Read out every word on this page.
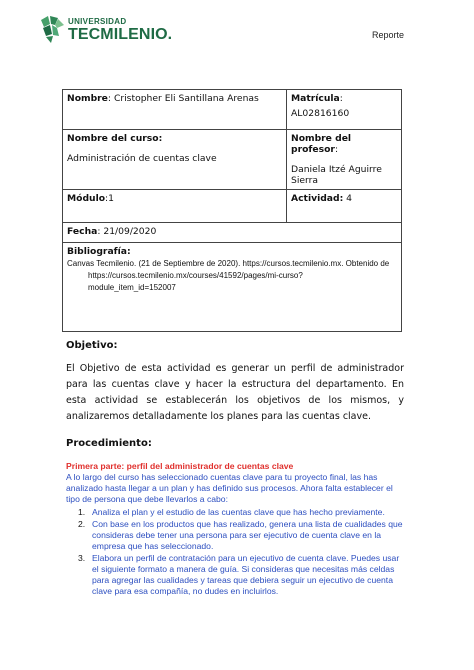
UNIVERSIDAD
TECMILENIO.	Reporte
Nombre: Cristopher Eli Santillana Arenas	Matrícula:
AL02816160
Nombre del curso:
Administración de cuentas clave	Nombre del profesor:
Daniela Itzé Aguirre Sierra
Módulo:1	Actividad: 4
Fecha: 21/09/2020	

Bibliografía:
Canvas Tecmilenio. (21 de Septiembre de 2020). https://cursos.tecmilenio.mx. Obtenido de
https://cursos.tecmilenio.mx/courses/41592/pages/mi-curso?
module_item_id=152007	
Objetivo:

El Objetivo de esta actividad es generar un perfil de administrador para las cuentas clave y hacer la estructura del departamento. En esta actividad se establecerán los objetivos de los mismos, y analizaremos detalladamente los planes para las cuentas clave.

Procedimiento:
Primera parte: perfil del administrador de cuentas clave
A lo largo del curso has seleccionado cuentas clave para tu proyecto final, las has analizado hasta llegar a un plan y has definido sus procesos. Ahora falta establecer el tipo de persona que debe llevarlos a cabo:
1. Analiza el plan y el estudio de las cuentas clave que has hecho previamente.
2. Con base en los productos que has realizado, genera una lista de cualidades que consideras debe tener una persona para ser ejecutivo de cuenta clave en la empresa que has seleccionado.
3. Elabora un perfil de contratación para un ejecutivo de cuenta clave. Puedes usar el siguiente formato a manera de guía. Si consideras que necesitas más celdas para agregar las cualidades y tareas que debiera seguir un ejecutivo de cuenta clave para esa compañía, no dudes en incluirlos.
